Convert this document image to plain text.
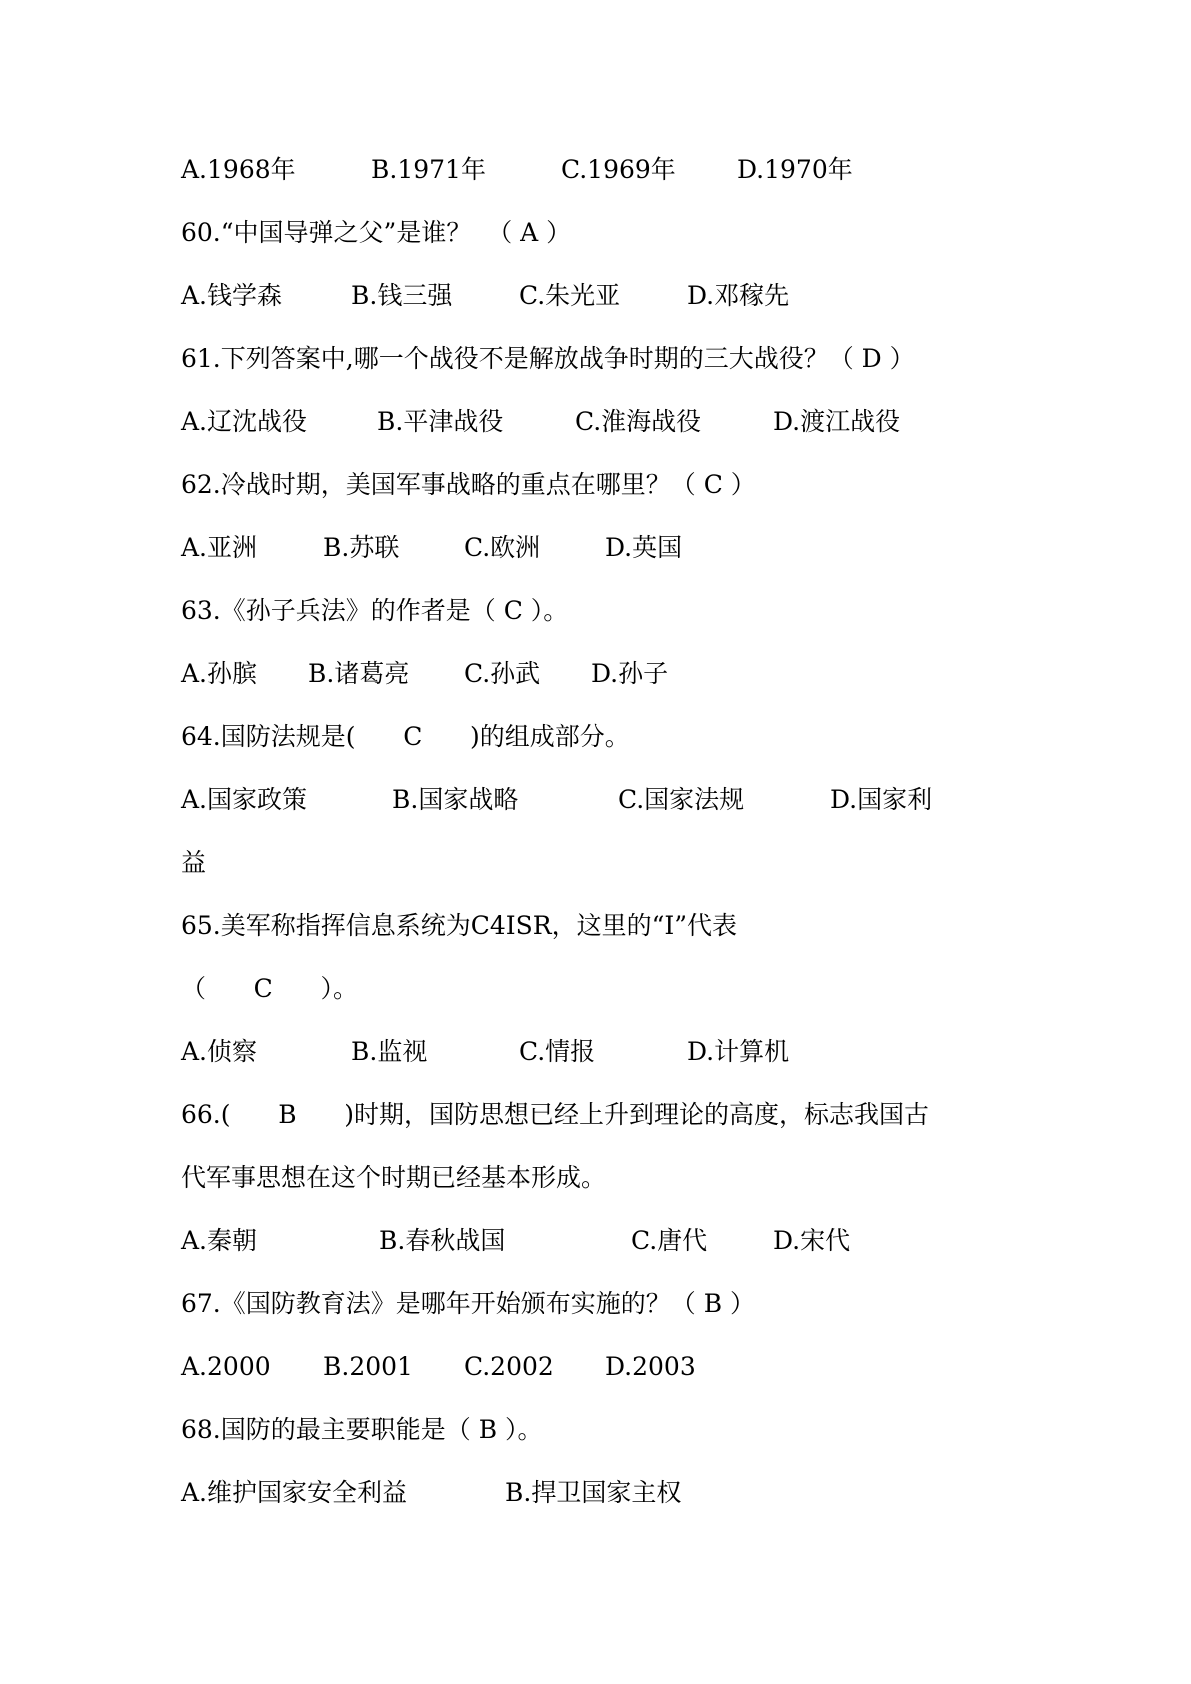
A.1968年	B.1971年	C.1969年 D.1970年
60.“中国导弹之父”是谁？  （ A ）
A.钱学森	B.钱三强	C.朱光亚	D.邓稼先
61.下列答案中,哪一个战役不是解放战争时期的三大战役？（ D ）
A.辽沈战役	B.平津战役	C.淮海战役	D.渡江战役
62.冷战时期，美国军事战略的重点在哪里？（ C ）
A.亚洲	B.苏联	C.欧洲	D.英国
63.《孙子兵法》的作者是（ C ）。
A.孙膑 B.诸葛亮 C.孙武 D.孙子
64.国防法规是(      C      )的组成部分。
A.国家政策	B.国家战略	C.国家法规	D.国家利
益
65.美军称指挥信息系统为C4ISR，这里的“I”代表
（      C      ）。
A.侦察	B.监视	C.情报	D.计算机
66.(      B      )时期，国防思想已经上升到理论的高度，标志我国古
代军事思想在这个时期已经基本形成。
A.秦朝	B.春秋战国	C.唐代	D.宋代
67.《国防教育法》是哪年开始颁布实施的？（ B ）
A.2000 B.2001 C.2002 D.2003
68.国防的最主要职能是（ B ）。
A.维护国家安全利益	B.捍卫国家主权
